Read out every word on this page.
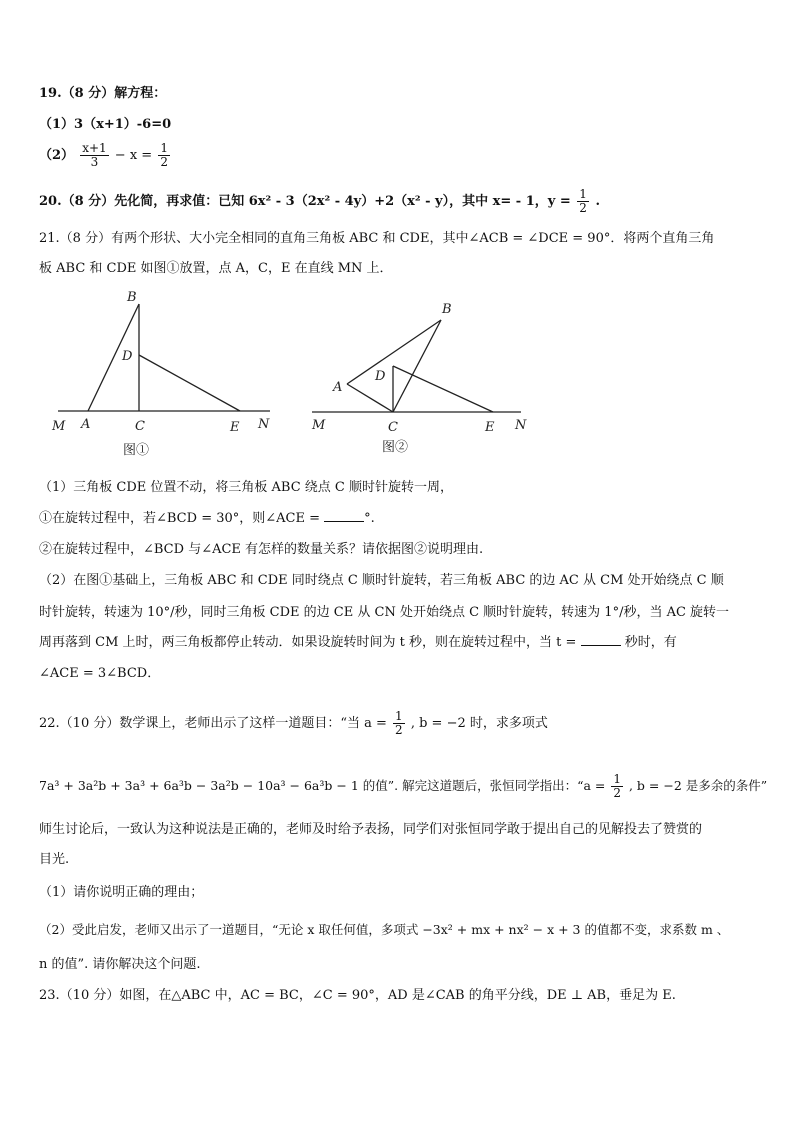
19.（8 分）解方程：
（1）3（x+1）-6=0
$(2) \frac{x+1}{3} - x = \frac{1}{2}$
20.（8 分）先化简，再求值：已知 6x² - 3（2x² - 4y）+2（x² - y），其中 x= - 1，$y = \frac{1}{2}$ .
21.（8 分）有两个形状、大小完全相同的直角三角板 ABC 和 CDE，其中∠ACB = ∠DCE = 90°．将两个直角三角
板 ABC 和 CDE 如图①放置，点 A，C，E 在直线 MN 上．
B
D
M A	C	E N
图①
B
A
D
M	C	E N
图②
（1）三角板 CDE 位置不动，将三角板 ABC 绕点 C 顺时针旋转一周，
①在旋转过程中，若∠BCD = 30°，则∠ACE =	°.
②在旋转过程中，∠BCD 与∠ACE 有怎样的数量关系？请依据图②说明理由.
（2）在图①基础上，三角板 ABC 和 CDE 同时绕点 C 顺时针旋转，若三角板 ABC 的边 AC 从 CM 处开始绕点 C 顺
时针旋转，转速为 10°/秒，同时三角板 CDE 的边 CE 从 CN 处开始绕点 C 顺时针旋转，转速为 1°/秒，当 AC 旋转一
周再落到 CM 上时，两三角板都停止转动．如果设旋转时间为 t 秒，则在旋转过程中，当 t =	秒时，有
∠ACE = 3∠BCD．
22.（10 分）数学课上，老师出示了这样一道题目：“当 $a = \frac{1}{2}$ , b = −2 时，求多项式
7a³ + 3a²b + 3a³ + 6a³b − 3a²b − 10a³ − 6a³b − 1 的值”. 解完这道题后，张恒同学指出：“$a = \frac{1}{2}$ , b = −2 是多余的条件”
师生讨论后，一致认为这种说法是正确的，老师及时给予表扬，同学们对张恒同学敢于提出自己的见解投去了赞赏的
目光.
（1）请你说明正确的理由；
（2）受此启发，老师又出示了一道题目，“无论 x 取任何值，多项式 −3x² + mx + nx² − x + 3 的值都不变，求系数 m 、
n 的值”. 请你解决这个问题.
23.（10 分）如图，在△ABC 中，AC = BC，∠C = 90°，AD 是∠CAB 的角平分线，DE ⊥ AB，垂足为 E.
